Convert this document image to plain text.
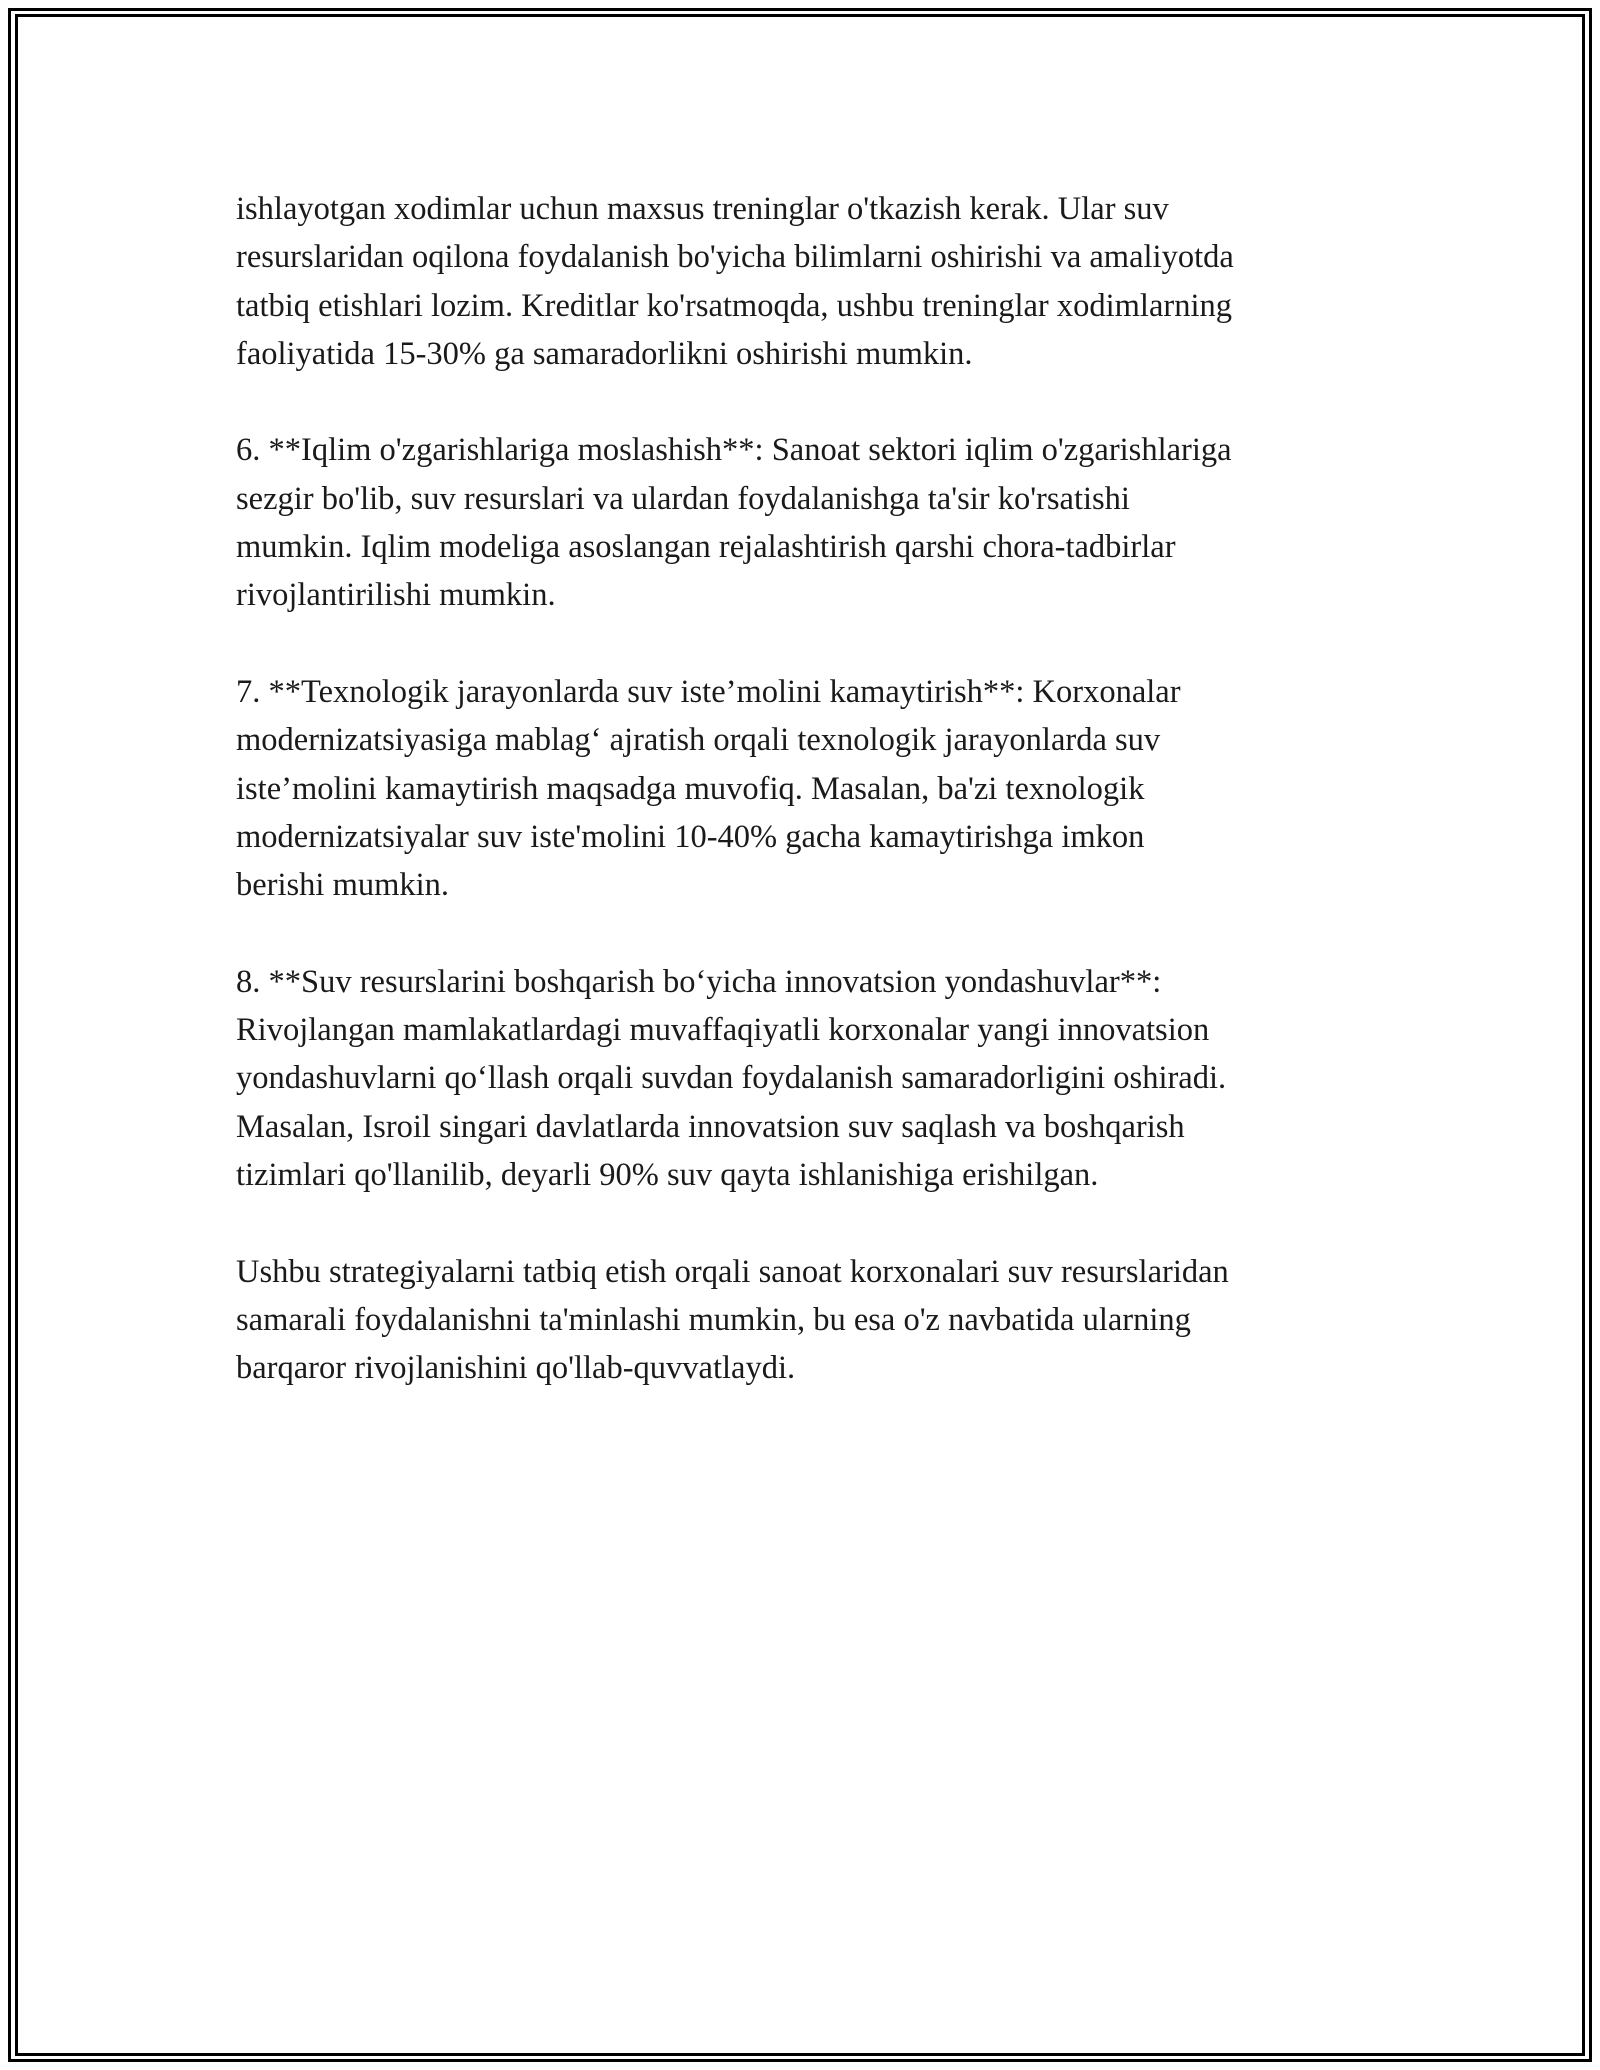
ishlayotgan xodimlar uchun maxsus treninglar o'tkazish kerak. Ular suv
resurslaridan oqilona foydalanish bo'yicha bilimlarni oshirishi va amaliyotda
tatbiq etishlari lozim. Kreditlar ko'rsatmoqda, ushbu treninglar xodimlarning
faoliyatida 15-30% ga samaradorlikni oshirishi mumkin.

6. **Iqlim o'zgarishlariga moslashish**: Sanoat sektori iqlim o'zgarishlariga
sezgir bo'lib, suv resurslari va ulardan foydalanishga ta'sir ko'rsatishi
mumkin. Iqlim modeliga asoslangan rejalashtirish qarshi chora-tadbirlar
rivojlantirilishi mumkin.

7. **Texnologik jarayonlarda suv iste’molini kamaytirish**: Korxonalar
modernizatsiyasiga mablag‘ ajratish orqali texnologik jarayonlarda suv
iste’molini kamaytirish maqsadga muvofiq. Masalan, ba'zi texnologik
modernizatsiyalar suv iste'molini 10-40% gacha kamaytirishga imkon
berishi mumkin.

8. **Suv resurslarini boshqarish bo‘yicha innovatsion yondashuvlar**:
Rivojlangan mamlakatlardagi muvaffaqiyatli korxonalar yangi innovatsion
yondashuvlarni qo‘llash orqali suvdan foydalanish samaradorligini oshiradi.
Masalan, Isroil singari davlatlarda innovatsion suv saqlash va boshqarish
tizimlari qo'llanilib, deyarli 90% suv qayta ishlanishiga erishilgan.

Ushbu strategiyalarni tatbiq etish orqali sanoat korxonalari suv resurslaridan
samarali foydalanishni ta'minlashi mumkin, bu esa o'z navbatida ularning
barqaror rivojlanishini qo'llab-quvvatlaydi.
